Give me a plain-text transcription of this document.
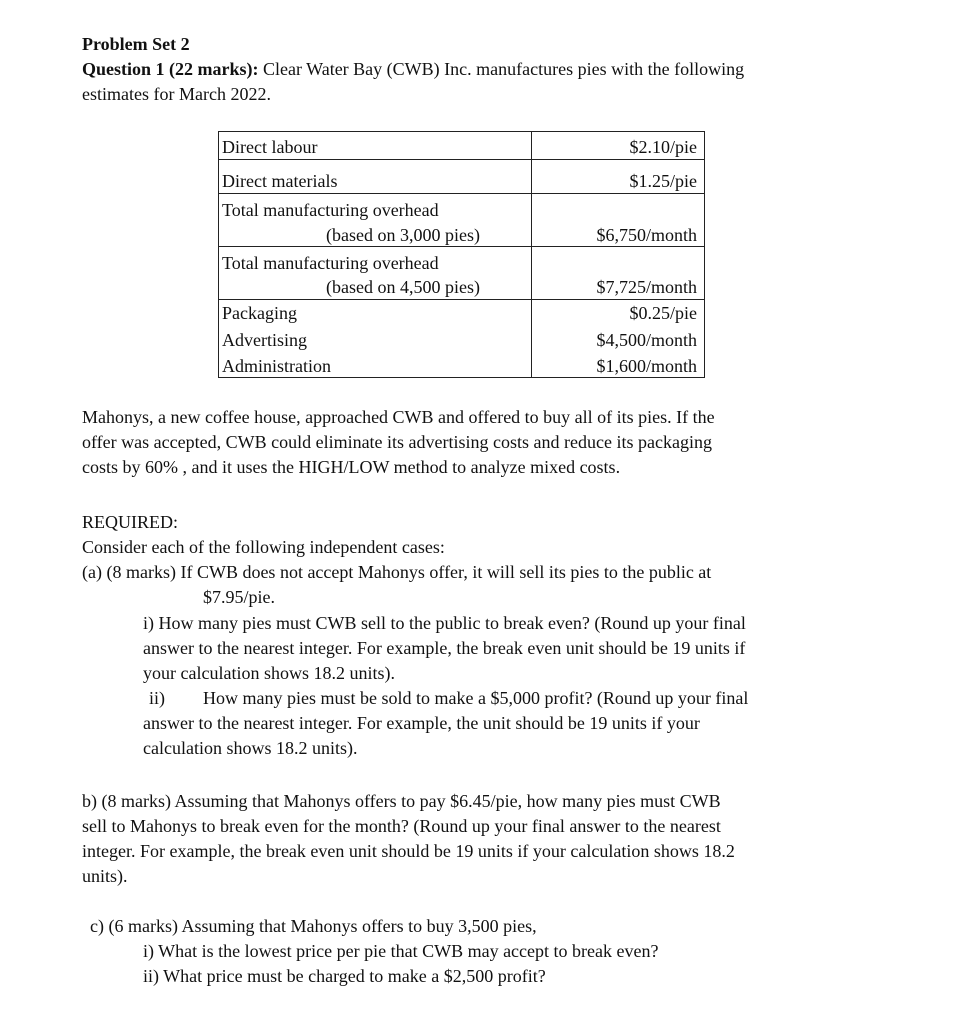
Problem Set 2
Question 1 (22 marks): Clear Water Bay (CWB) Inc. manufactures pies with the following
estimates for March 2022.
Direct labour	$2.10/pie
Direct materials	$1.25/pie
Total manufacturing overhead
(based on 3,000 pies)	$6,750/month
Total manufacturing overhead
(based on 4,500 pies)	$7,725/month
Packaging	$0.25/pie
Advertising	$4,500/month
Administration	$1,600/month
Mahonys, a new coffee house, approached CWB and offered to buy all of its pies. If the
offer was accepted, CWB could eliminate its advertising costs and reduce its packaging
costs by 60% , and it uses the HIGH/LOW method to analyze mixed costs.
REQUIRED:
Consider each of the following independent cases:
(a) (8 marks) If CWB does not accept Mahonys offer, it will sell its pies to the public at
$7.95/pie.
i) How many pies must CWB sell to the public to break even? (Round up your final
answer to the nearest integer. For example, the break even unit should be 19 units if
your calculation shows 18.2 units).
ii) How many pies must be sold to make a $5,000 profit? (Round up your final
answer to the nearest integer. For example, the unit should be 19 units if your
calculation shows 18.2 units).
b) (8 marks) Assuming that Mahonys offers to pay $6.45/pie, how many pies must CWB
sell to Mahonys to break even for the month? (Round up your final answer to the nearest
integer. For example, the break even unit should be 19 units if your calculation shows 18.2
units).
c) (6 marks) Assuming that Mahonys offers to buy 3,500 pies,
i) What is the lowest price per pie that CWB may accept to break even?
ii) What price must be charged to make a $2,500 profit?
